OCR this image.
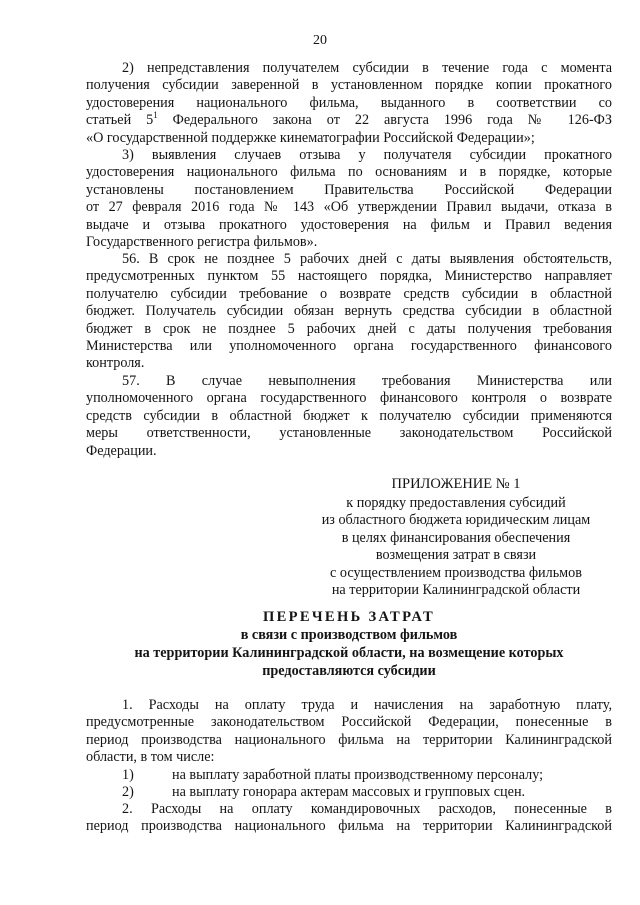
20
2) непредставления получателем субсидии в течение года с момента
получения субсидии заверенной в установленном порядке копии прокатного
удостоверения национального фильма, выданного в соответствии со
статьей $5^1$ Федерального закона от 22 августа 1996 года № 126-ФЗ
«О государственной поддержке кинематографии Российской Федерации»;
3) выявления случаев отзыва у получателя субсидии прокатного
удостоверения национального фильма по основаниям и в порядке, которые
установлены постановлением Правительства Российской Федерации
от 27 февраля 2016 года № 143 «Об утверждении Правил выдачи, отказа в
выдаче и отзыва прокатного удостоверения на фильм и Правил ведения
Государственного регистра фильмов».
56. В срок не позднее 5 рабочих дней с даты выявления обстоятельств,
предусмотренных пунктом 55 настоящего порядка, Министерство направляет
получателю субсидии требование о возврате средств субсидии в областной
бюджет. Получатель субсидии обязан вернуть средства субсидии в областной
бюджет в срок не позднее 5 рабочих дней с даты получения требования
Министерства или уполномоченного органа государственного финансового
контроля.
57. В случае невыполнения требования Министерства или
уполномоченного органа государственного финансового контроля о возврате
средств субсидии в областной бюджет к получателю субсидии применяются
меры ответственности, установленные законодательством Российской
Федерации.
ПРИЛОЖЕНИЕ № 1
к порядку предоставления субсидий
из областного бюджета юридическим лицам
в целях финансирования обеспечения
возмещения затрат в связи
с осуществлением производства фильмов
на территории Калининградской области
ПЕРЕЧЕНЬ ЗАТРАТ
в связи с производством фильмов
на территории Калининградской области, на возмещение которых
предоставляются субсидии
1. Расходы на оплату труда и начисления на заработную плату,
предусмотренные законодательством Российской Федерации, понесенные в
период производства национального фильма на территории Калининградской
области, в том числе:
1)	на выплату заработной платы производственному персоналу;
2)	на выплату гонорара актерам массовых и групповых сцен.
2. Расходы на оплату командировочных расходов, понесенные в
период производства национального фильма на территории Калининградской
